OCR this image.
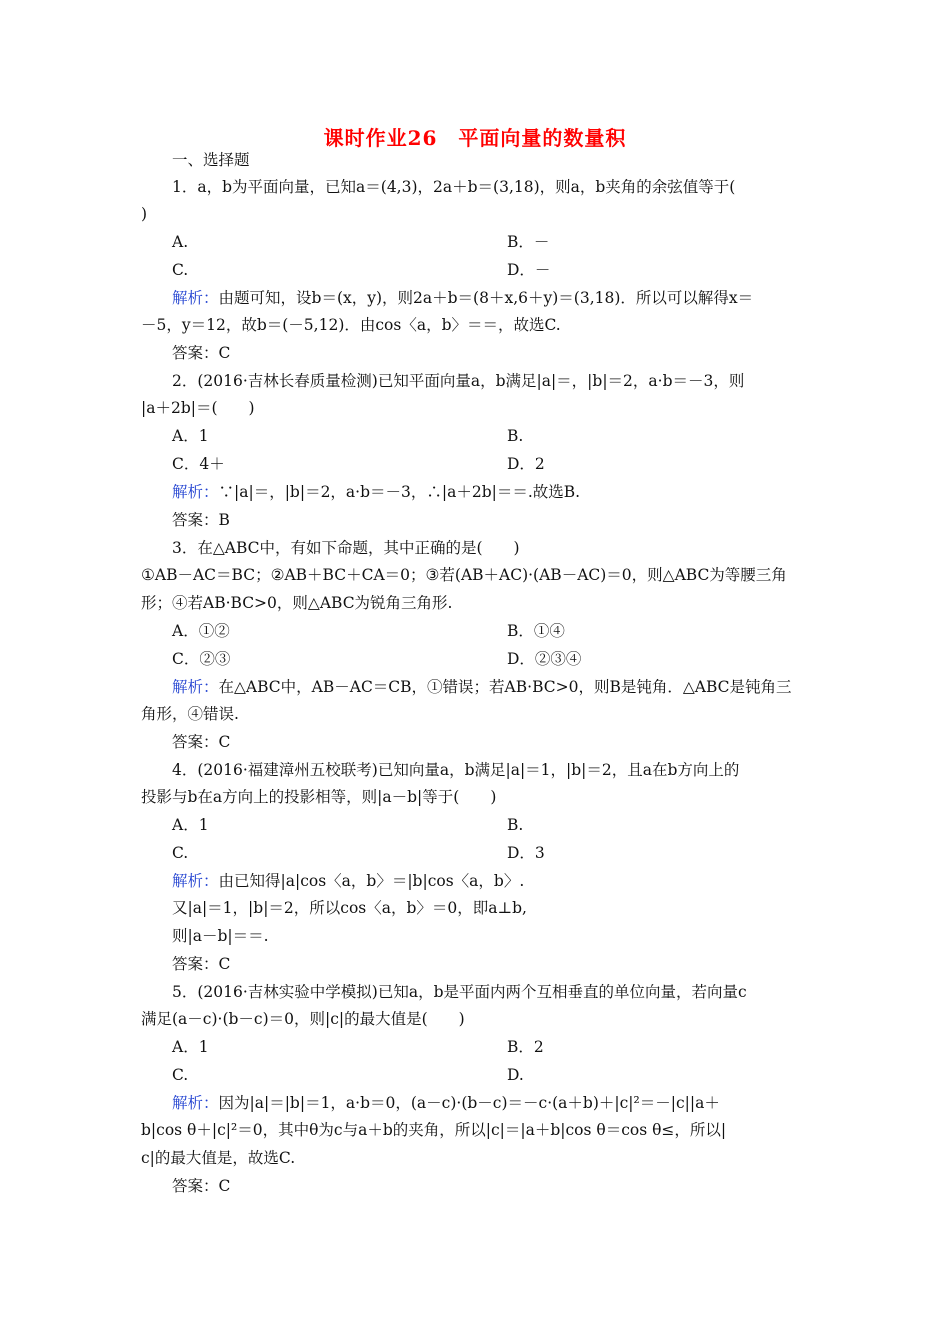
课时作业26　平面向量的数量积
一、选择题
1．a，b为平面向量，已知a＝(4,3)，2a＋b＝(3,18)，则a，b夹角的余弦值等于(
)
A.	B．－
C.	D．－
解析：由题可知，设b＝(x，y)，则2a＋b＝(8＋x,6＋y)＝(3,18)．所以可以解得x＝
－5，y＝12，故b＝(－5,12)．由cos〈a，b〉＝＝，故选C.
答案：C
2．(2016·吉林长春质量检测)已知平面向量a，b满足|a|＝，|b|＝2，a·b＝－3，则
|a＋2b|＝(　　)
A．1	B.
C．4＋	D．2
解析：∵|a|＝，|b|＝2，a·b＝－3，∴|a＋2b|＝＝.故选B.
答案：B
3．在△ABC中，有如下命题，其中正确的是(　　)
①AB－AC＝BC；②AB＋BC＋CA＝0；③若(AB＋AC)·(AB－AC)＝0，则△ABC为等腰三角
形；④若AB·BC>0，则△ABC为锐角三角形.
A．①②	B．①④
C．②③	D．②③④
解析：在△ABC中，AB－AC＝CB，①错误；若AB·BC>0，则B是钝角．△ABC是钝角三
角形，④错误.
答案：C
4．(2016·福建漳州五校联考)已知向量a，b满足|a|＝1，|b|＝2，且a在b方向上的
投影与b在a方向上的投影相等，则|a－b|等于(　　)
A．1	B.
C.	D．3
解析：由已知得|a|cos〈a，b〉＝|b|cos〈a，b〉.
又|a|＝1，|b|＝2，所以cos〈a，b〉＝0，即a⊥b,
则|a－b|＝＝.
答案：C
5．(2016·吉林实验中学模拟)已知a，b是平面内两个互相垂直的单位向量，若向量c
满足(a－c)·(b－c)＝0，则|c|的最大值是(　　)
A．1	B．2
C.	D.
解析：因为|a|＝|b|＝1，a·b＝0，(a－c)·(b－c)＝－c·(a＋b)＋|c|²＝－|c||a＋
b|cos θ＋|c|²＝0，其中θ为c与a＋b的夹角，所以|c|＝|a＋b|cos θ＝cos θ≤，所以|
c|的最大值是，故选C.
答案：C
